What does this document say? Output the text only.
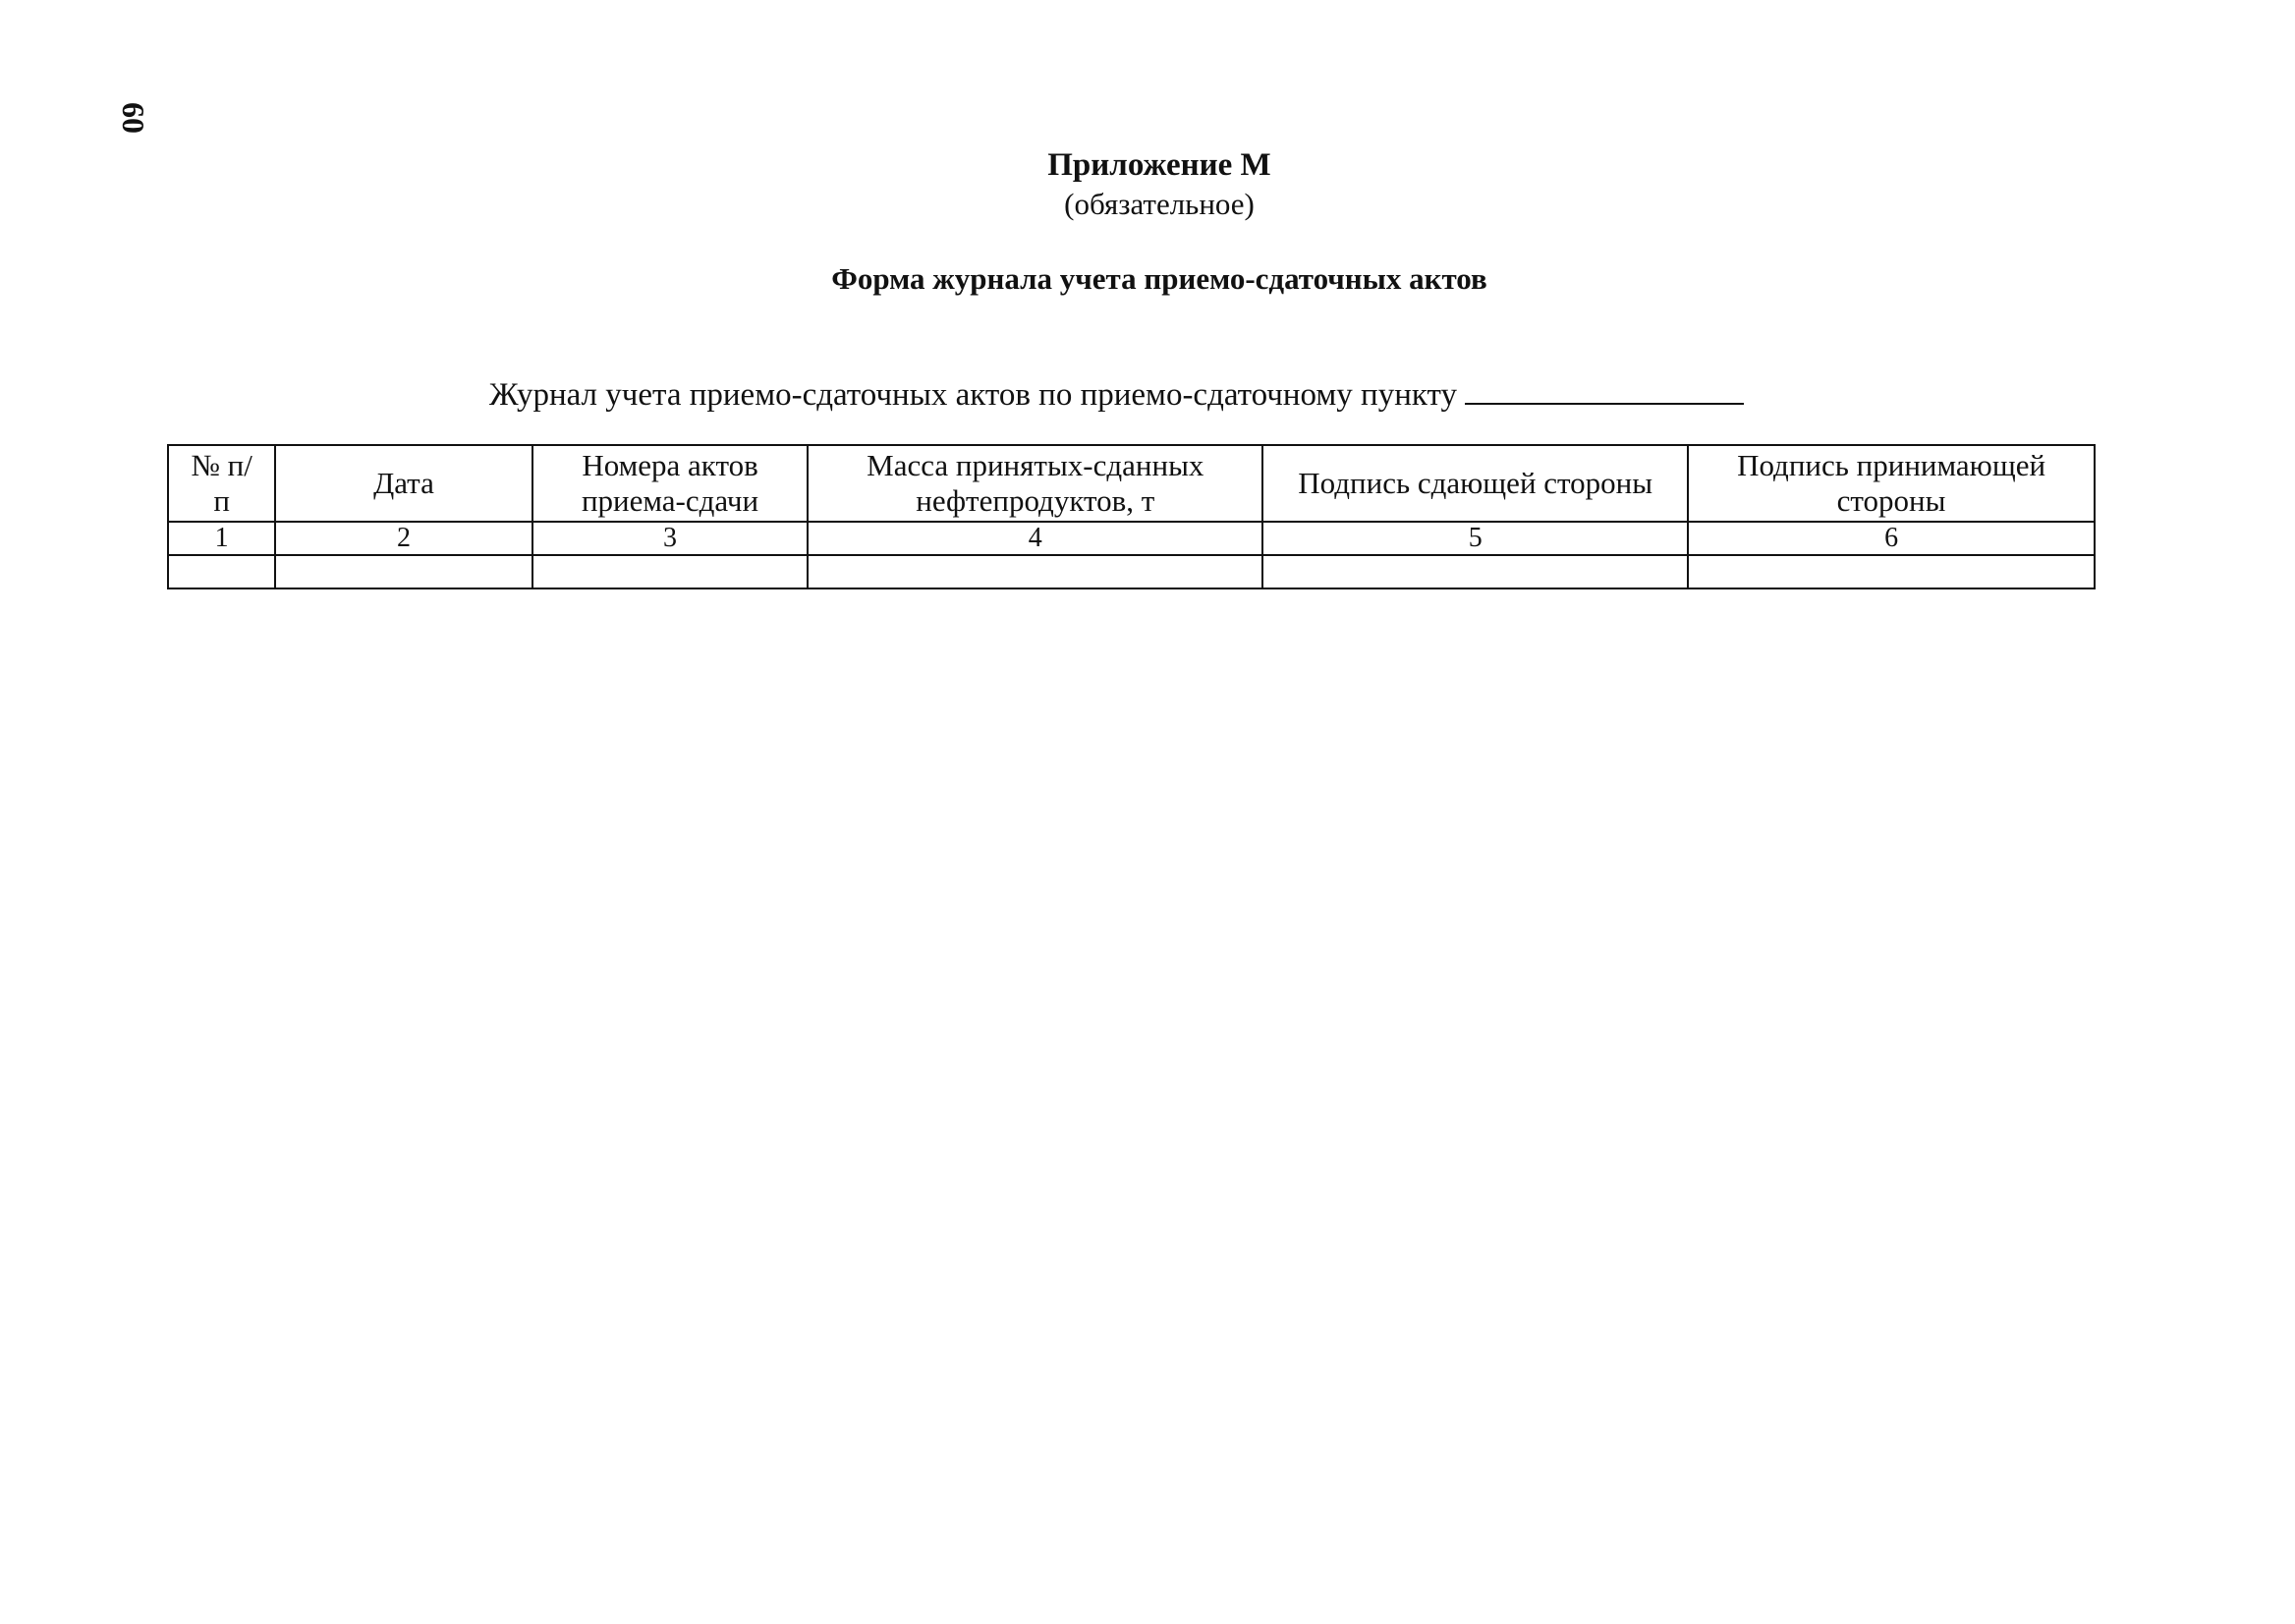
60
Приложение М
(обязательное)
Форма журнала учета приемо-сдаточных актов
Журнал учета приемо-сдаточных актов по приемо-сдаточному пункту
№ п/п	Дата	Номера актов приема-сдачи	Масса принятых-сданных нефтепродуктов, т	Подпись сдающей стороны	Подпись принимающей стороны
1	2	3	4	5	6
